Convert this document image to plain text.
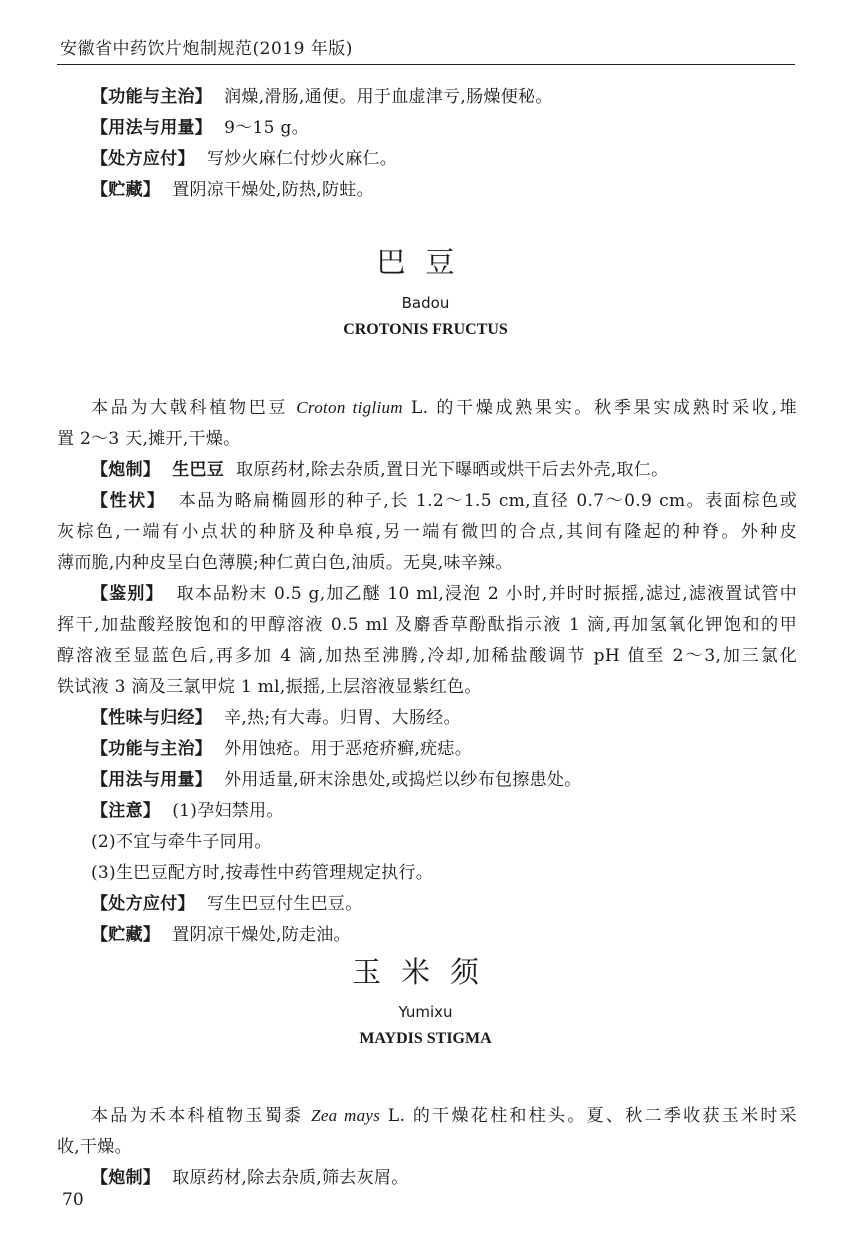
安徽省中药饮片炮制规范(2019 年版)
【功能与主治】 润燥,滑肠,通便。用于血虚津亏,肠燥便秘。
【用法与用量】 9～15 g。
【处方应付】 写炒火麻仁付炒火麻仁。
【贮藏】 置阴凉干燥处,防热,防蛀。
巴豆
Badou
CROTONIS FRUCTUS
本品为大戟科植物巴豆 Croton tiglium L. 的干燥成熟果实。秋季果实成熟时采收,堆
置 2～3 天,摊开,干燥。
【炮制】 生巴豆 取原药材,除去杂质,置日光下曝晒或烘干后去外壳,取仁。
【性状】 本品为略扁椭圆形的种子,长 1.2～1.5 cm,直径 0.7～0.9 cm。表面棕色或
灰棕色,一端有小点状的种脐及种阜痕,另一端有微凹的合点,其间有隆起的种脊。外种皮
薄而脆,内种皮呈白色薄膜;种仁黄白色,油质。无臭,味辛辣。
【鉴别】 取本品粉末 0.5 g,加乙醚 10 ml,浸泡 2 小时,并时时振摇,滤过,滤液置试管中
挥干,加盐酸羟胺饱和的甲醇溶液 0.5 ml 及麝香草酚酞指示液 1 滴,再加氢氧化钾饱和的甲
醇溶液至显蓝色后,再多加 4 滴,加热至沸腾,冷却,加稀盐酸调节 pH 值至 2～3,加三氯化
铁试液 3 滴及三氯甲烷 1 ml,振摇,上层溶液显紫红色。
【性味与归经】 辛,热;有大毒。归胃、大肠经。
【功能与主治】 外用蚀疮。用于恶疮疥癣,疣痣。
【用法与用量】 外用适量,研末涂患处,或捣烂以纱布包擦患处。
【注意】 (1)孕妇禁用。
(2)不宜与牵牛子同用。
(3)生巴豆配方时,按毒性中药管理规定执行。
【处方应付】 写生巴豆付生巴豆。
【贮藏】 置阴凉干燥处,防走油。
玉米须
Yumixu
MAYDIS STIGMA
本品为禾本科植物玉蜀黍 Zea mays L. 的干燥花柱和柱头。夏、秋二季收获玉米时采
收,干燥。
【炮制】 取原药材,除去杂质,筛去灰屑。
70
